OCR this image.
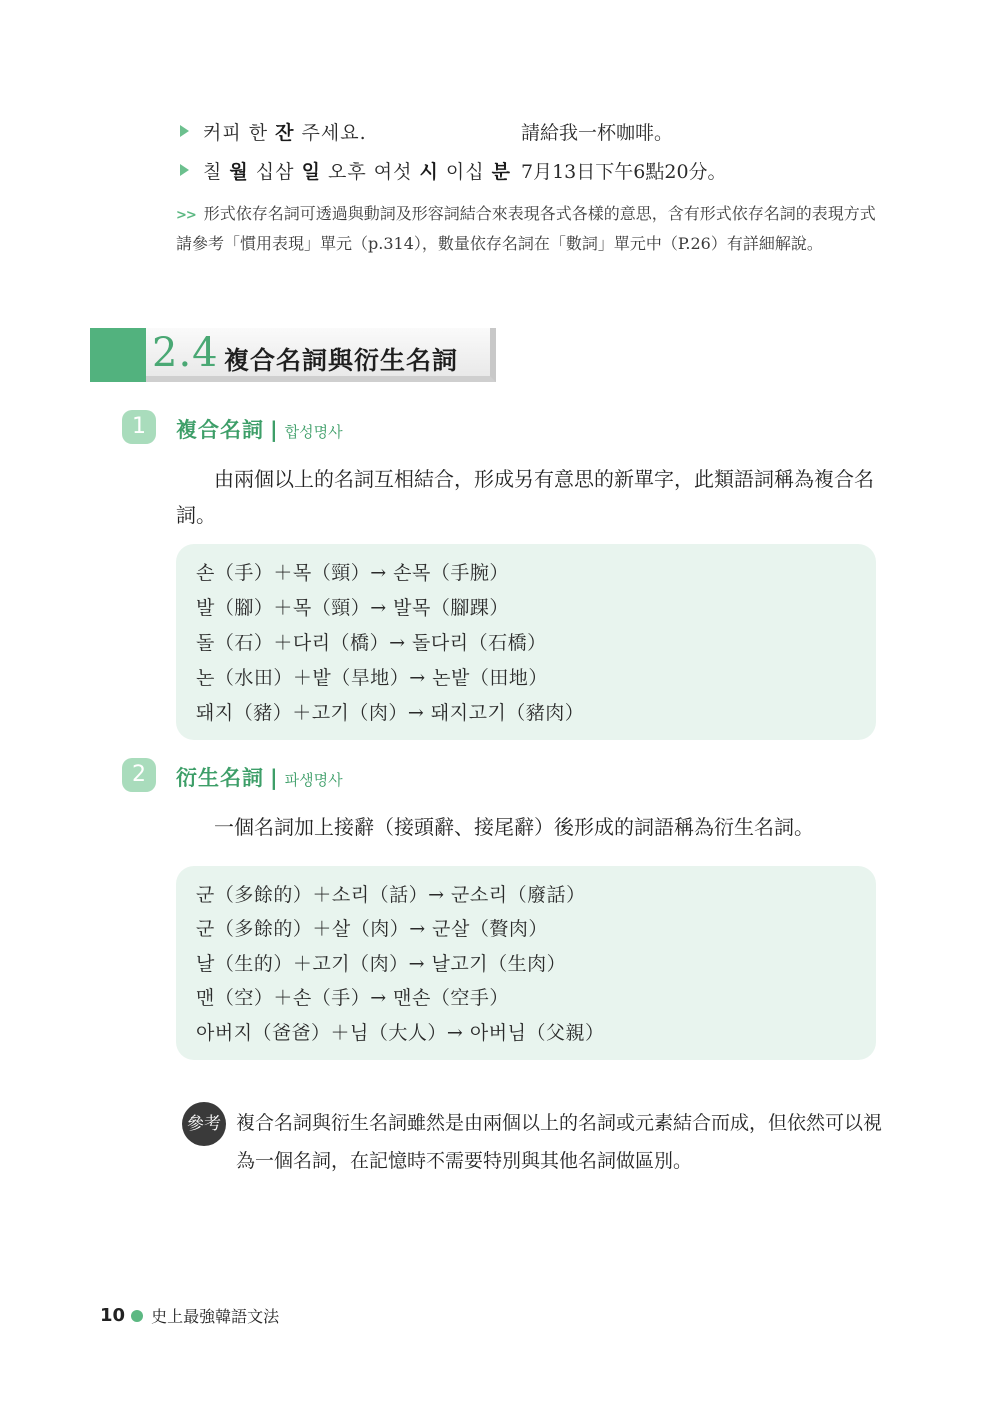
커피 한 잔 주세요.	請給我一杯咖啡。
칠 월 십삼 일 오후 여섯 시 이십 분 7月13日下午6點20分。
>> 形式依存名詞可透過與動詞及形容詞結合來表現各式各樣的意思，含有形式依存名詞的表現方式請參考「慣用表現」單元（p.314），數量依存名詞在「數詞」單元中（P.26）有詳細解說。
2.4 複合名詞與衍生名詞
1	複合名詞 | 합성명사
由兩個以上的名詞互相結合，形成另有意思的新單字，此類語詞稱為複合名詞。
손（手）＋목（頸）→ 손목（手腕）
발（腳）＋목（頸）→ 발목（腳踝）
돌（石）＋다리（橋）→ 돌다리（石橋）
논（水田）＋밭（旱地）→ 논밭（田地）
돼지（豬）＋고기（肉）→ 돼지고기（豬肉）
2	衍生名詞 | 파생명사
一個名詞加上接辭（接頭辭、接尾辭）後形成的詞語稱為衍生名詞。
군（多餘的）＋소리（話）→ 군소리（廢話）
군（多餘的）＋살（肉）→ 군살（贅肉）
날（生的）＋고기（肉）→ 날고기（生肉）
맨（空）＋손（手）→ 맨손（空手）
아버지（爸爸）＋님（大人）→ 아버님（父親）
參考 複合名詞與衍生名詞雖然是由兩個以上的名詞或元素結合而成，但依然可以視為一個名詞，在記憶時不需要特別與其他名詞做區別。
10 史上最強韓語文法
